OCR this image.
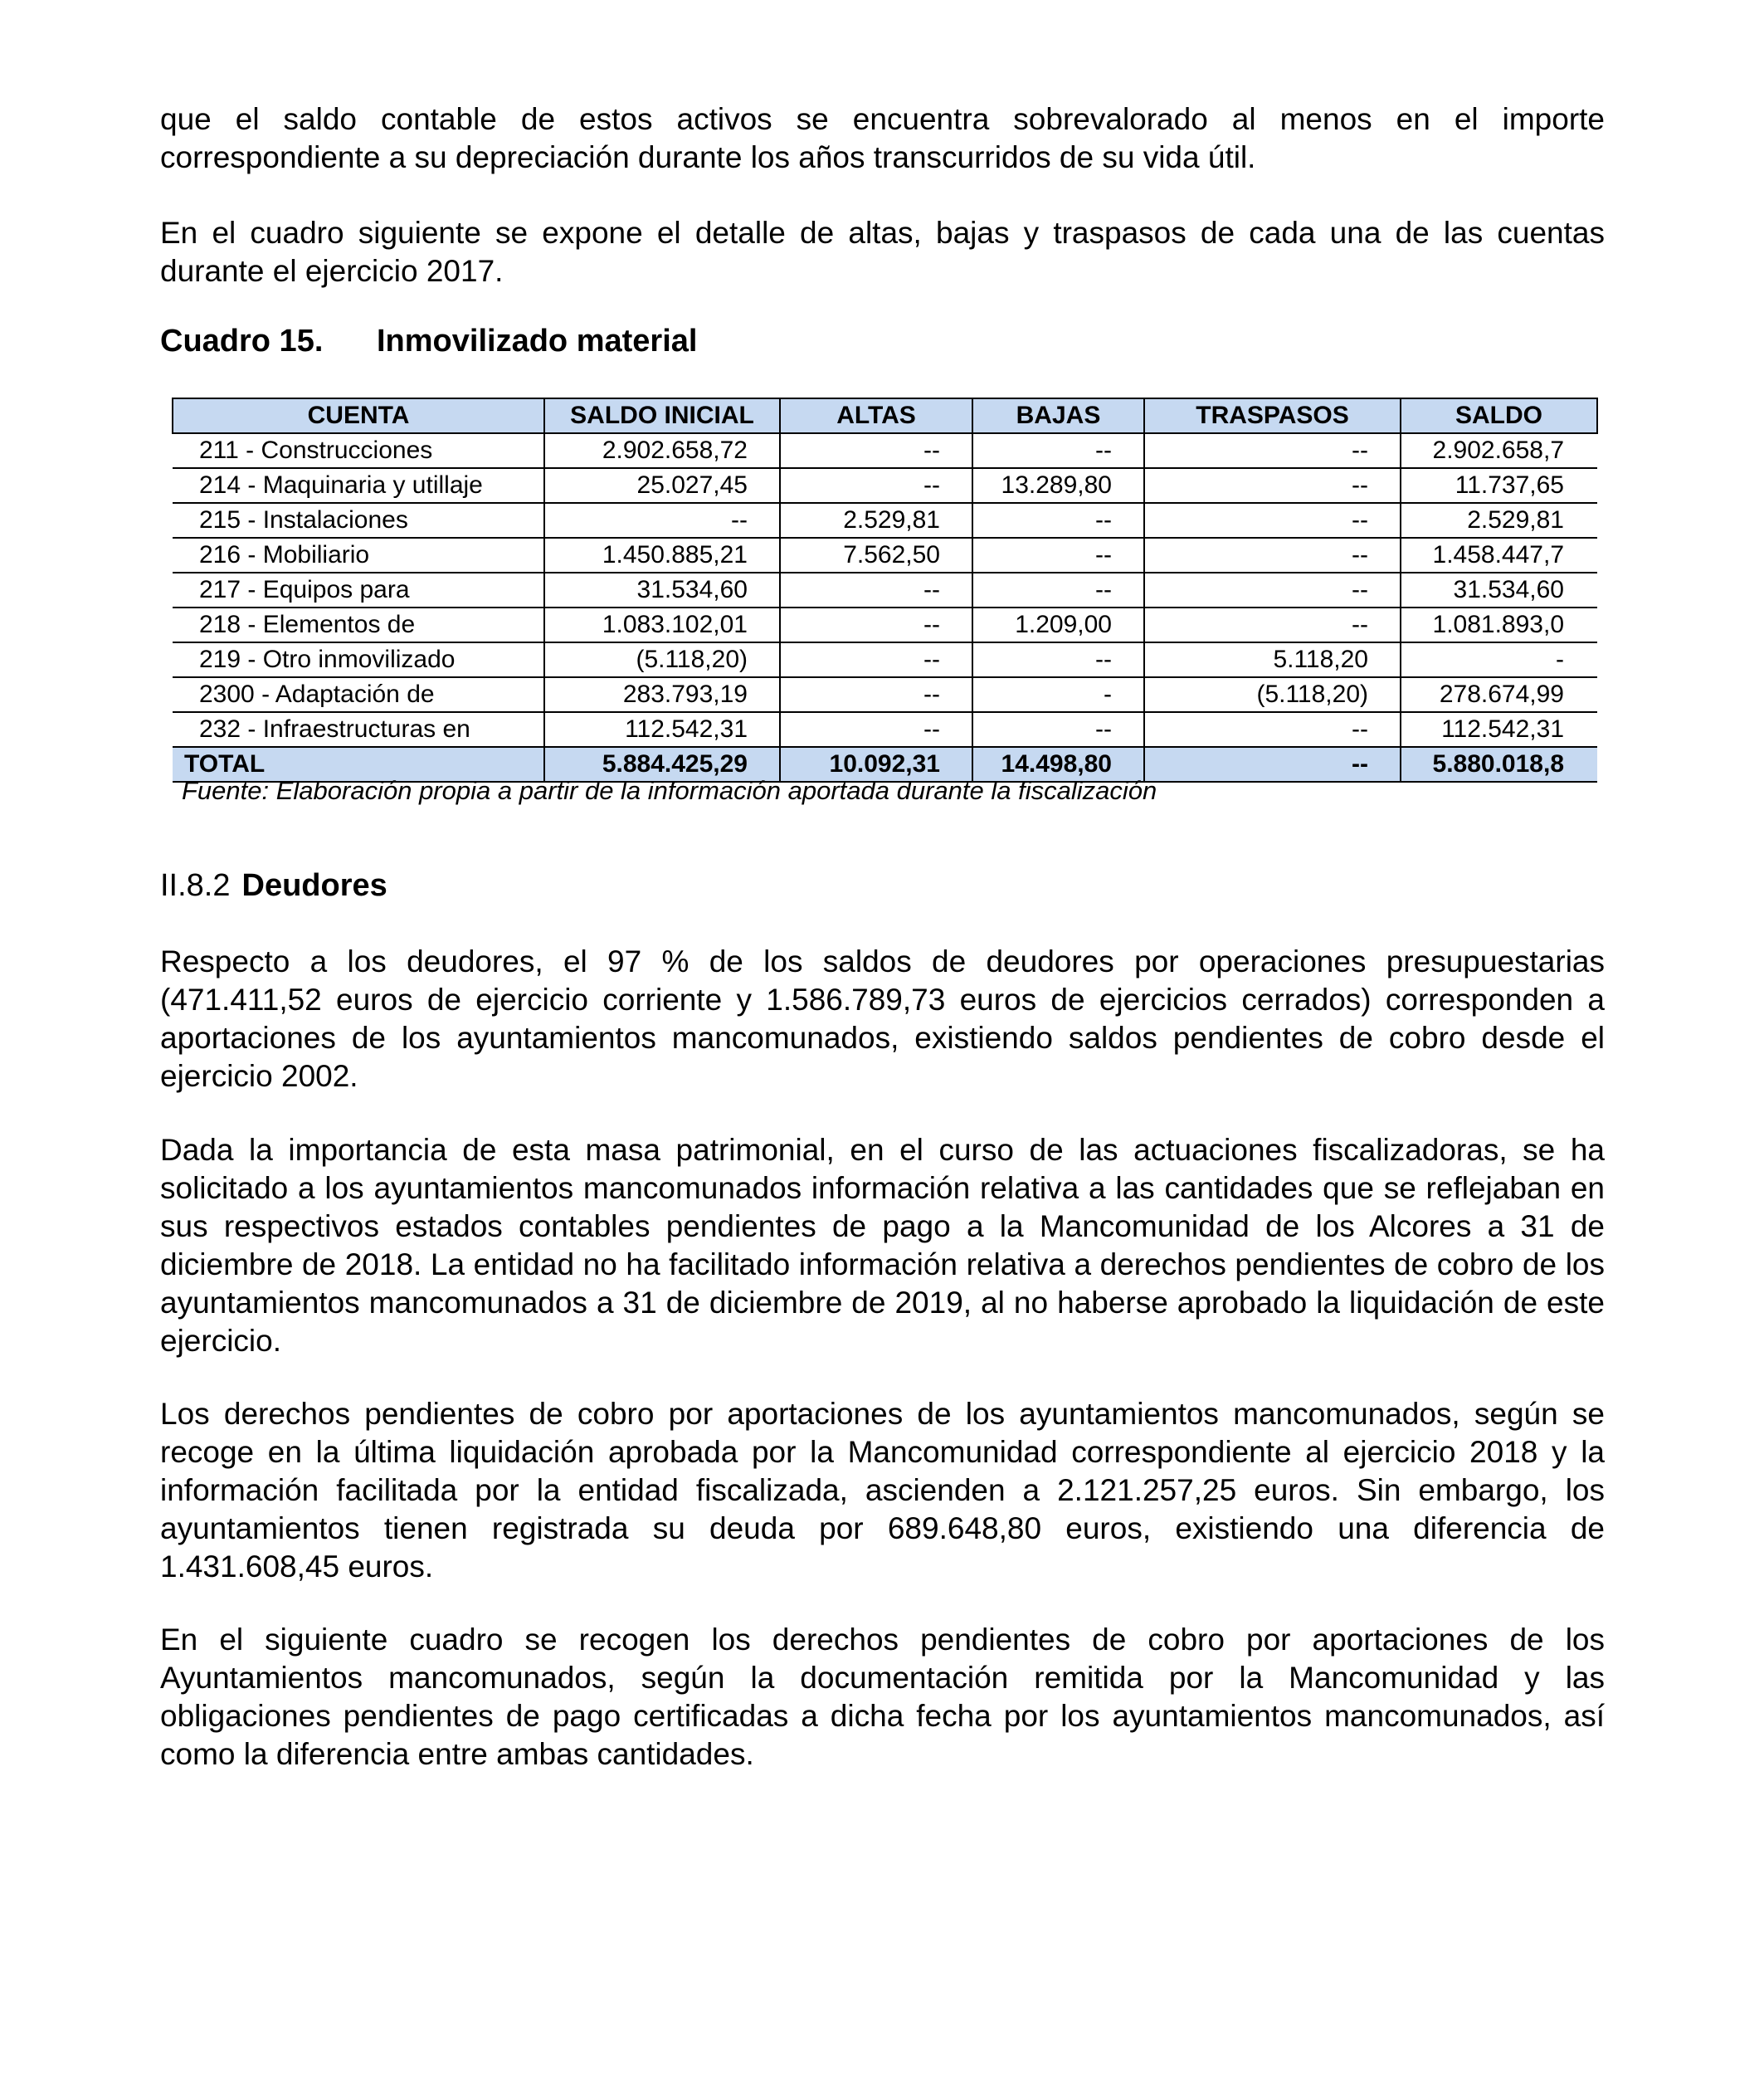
que el saldo contable de estos activos se encuentra sobrevalorado al menos en el importe correspondiente a su depreciación durante los años transcurridos de su vida útil.

En el cuadro siguiente se expone el detalle de altas, bajas y traspasos de cada una de las cuentas durante el ejercicio 2017.

Cuadro 15. Inmovilizado material
CUENTA	SALDO INICIAL	ALTAS	BAJAS	TRASPASOS	SALDO
211 - Construcciones	2.902.658,72	--	--	--	2.902.658,7
214 - Maquinaria y utillaje	25.027,45	--	13.289,80	--	11.737,65
215 - Instalaciones	--	2.529,81	--	--	2.529,81
216 - Mobiliario	1.450.885,21	7.562,50	--	--	1.458.447,7
217 - Equipos para	31.534,60	--	--	--	31.534,60
218 - Elementos de	1.083.102,01	--	1.209,00	--	1.081.893,0
219 - Otro inmovilizado	(5.118,20)	--	--	5.118,20	-
2300 - Adaptación de	283.793,19	--	-	(5.118,20)	278.674,99
232 - Infraestructuras en	112.542,31	--	--	--	112.542,31
TOTAL	5.884.425,29	10.092,31	14.498,80	--	5.880.018,8
Fuente: Elaboración propia a partir de la información aportada durante la fiscalización
II.8.2 Deudores

Respecto a los deudores, el 97 % de los saldos de deudores por operaciones presupuestarias (471.411,52 euros de ejercicio corriente y 1.586.789,73 euros de ejercicios cerrados) corresponden a aportaciones de los ayuntamientos mancomunados, existiendo saldos pendientes de cobro desde el ejercicio 2002.

Dada la importancia de esta masa patrimonial, en el curso de las actuaciones fiscalizadoras, se ha solicitado a los ayuntamientos mancomunados información relativa a las cantidades que se reflejaban en sus respectivos estados contables pendientes de pago a la Mancomunidad de los Alcores a 31 de diciembre de 2018. La entidad no ha facilitado información relativa a derechos pendientes de cobro de los ayuntamientos mancomunados a 31 de diciembre de 2019, al no haberse aprobado la liquidación de este ejercicio.

Los derechos pendientes de cobro por aportaciones de los ayuntamientos mancomunados, según se recoge en la última liquidación aprobada por la Mancomunidad correspondiente al ejercicio 2018 y la información facilitada por la entidad fiscalizada, ascienden a 2.121.257,25 euros. Sin embargo, los ayuntamientos tienen registrada su deuda por 689.648,80 euros, existiendo una diferencia de 1.431.608,45 euros.

En el siguiente cuadro se recogen los derechos pendientes de cobro por aportaciones de los Ayuntamientos mancomunados, según la documentación remitida por la Mancomunidad y las obligaciones pendientes de pago certificadas a dicha fecha por los ayuntamientos mancomunados, así como la diferencia entre ambas cantidades.
